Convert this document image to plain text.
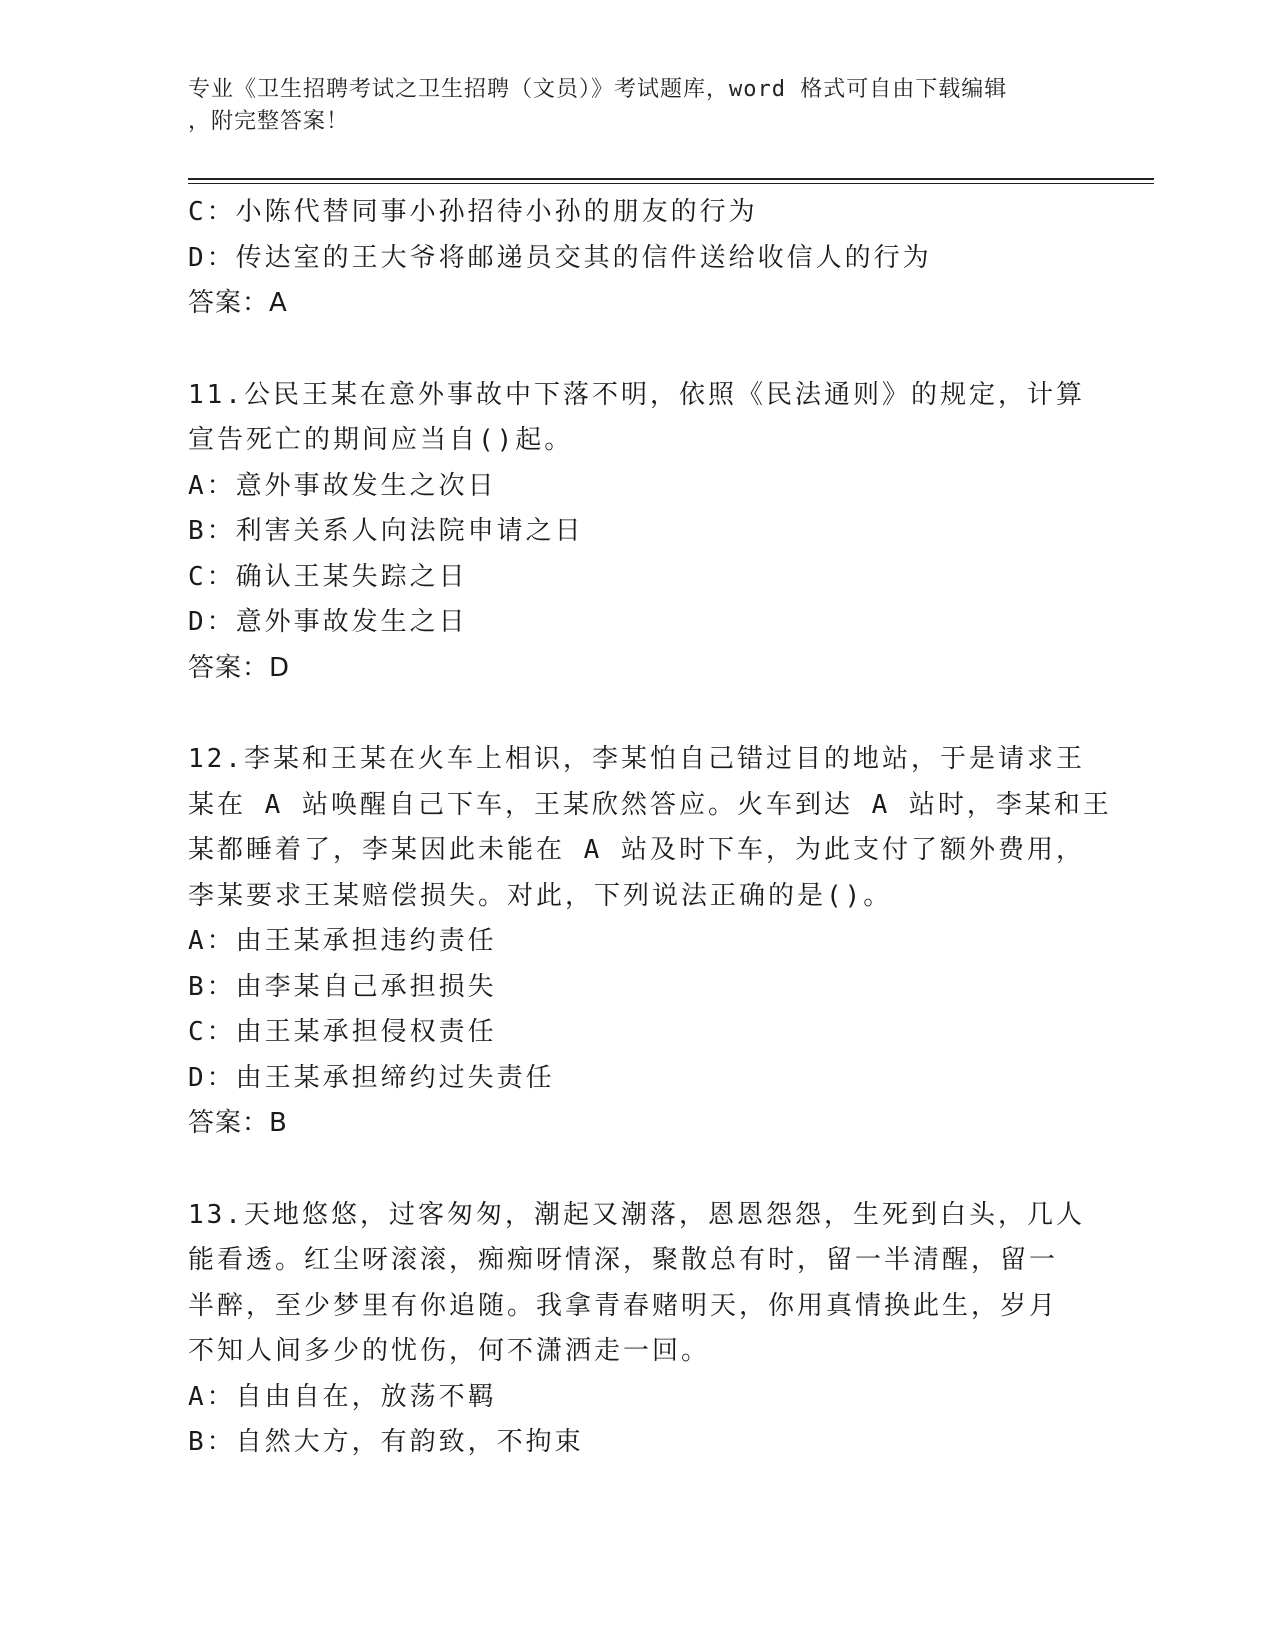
专业《卫生招聘考试之卫生招聘（文员）》考试题库，word 格式可自由下载编辑
，附完整答案！
C：小陈代替同事小孙招待小孙的朋友的行为
D：传达室的王大爷将邮递员交其的信件送给收信人的行为
答案：A
11.公民王某在意外事故中下落不明，依照《民法通则》的规定，计算
宣告死亡的期间应当自()起。
A：意外事故发生之次日
B：利害关系人向法院申请之日
C：确认王某失踪之日
D：意外事故发生之日
答案：D
12.李某和王某在火车上相识，李某怕自己错过目的地站，于是请求王
某在 A 站唤醒自己下车，王某欣然答应。火车到达 A 站时，李某和王
某都睡着了，李某因此未能在 A 站及时下车，为此支付了额外费用，
李某要求王某赔偿损失。对此，下列说法正确的是()。
A：由王某承担违约责任
B：由李某自己承担损失
C：由王某承担侵权责任
D：由王某承担缔约过失责任
答案：B
13.天地悠悠，过客匆匆，潮起又潮落，恩恩怨怨，生死到白头，几人
能看透。红尘呀滚滚，痴痴呀情深，聚散总有时，留一半清醒，留一
半醉，至少梦里有你追随。我拿青春赌明天，你用真情换此生，岁月
不知人间多少的忧伤，何不潇洒走一回。
A：自由自在，放荡不羁
B：自然大方，有韵致，不拘束
